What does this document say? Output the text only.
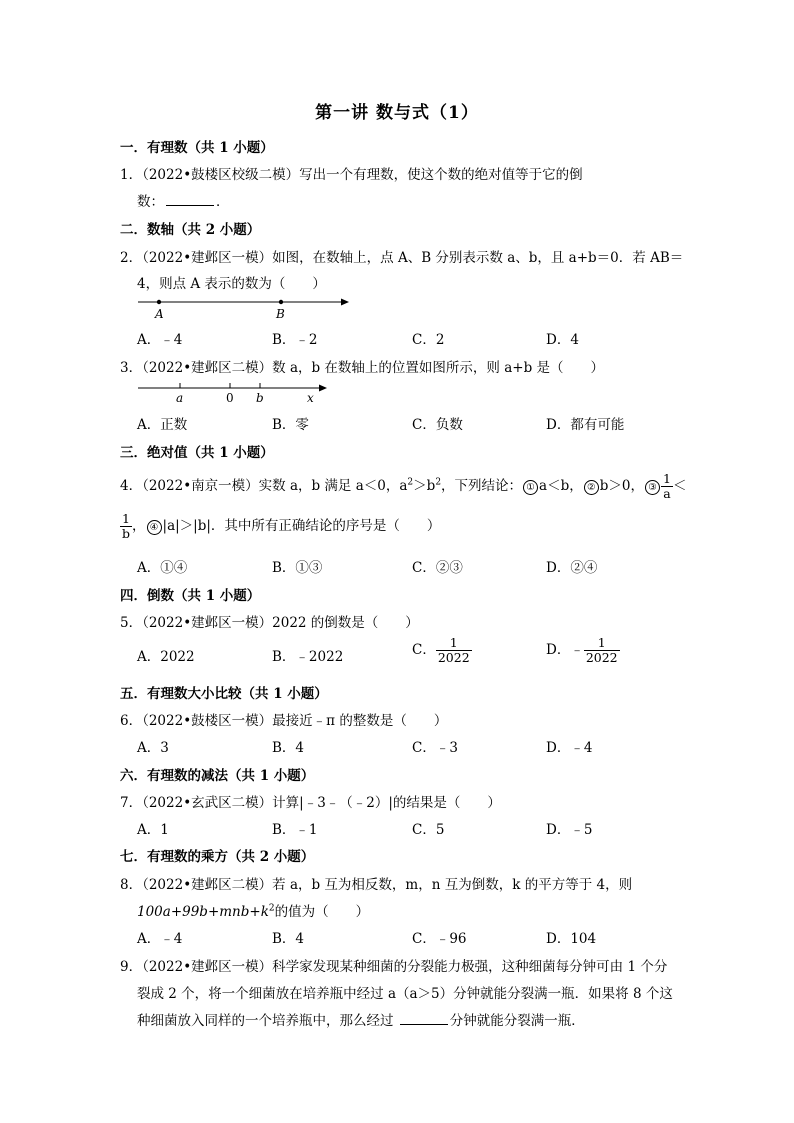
第一讲 数与式（1）
一．有理数（共 1 小题）
1．（2022•鼓楼区校级二模）写出一个有理数，使这个数的绝对值等于它的倒
数：	．
二．数轴（共 2 小题）
2．（2022•建邺区一模）如图，在数轴上，点 A、B 分别表示数 a、b，且 a+b＝0．若 AB＝
4，则点 A 表示的数为（　　）
A	B
A．﹣4	B．﹣2	C．2	D．4
3．（2022•建邺区二模）数 a，b 在数轴上的位置如图所示，则 a+b 是（　　）
a	0 b	x
A．正数	B．零	C．负数	D．都有可能
三．绝对值（共 1 小题）
4．（2022•南京一模）实数 a，b 满足 a＜0，$a^2>b^2$，下列结论： ① a＜b， ② b＞0， ③ $\frac{1}{a}$ ＜
$\frac{1}{b}$ ， ④ |a|＞|b|．其中所有正确结论的序号是（　　）
A．①④	B．①③	C．②③	D．②④
四．倒数（共 1 小题）
5．（2022•建邺区一模）2022 的倒数是（　　）
A．2022	B．﹣2022	C． $\frac{1}{2022}$	D．﹣ $\frac{1}{2022}$
五．有理数大小比较（共 1 小题）
6．（2022•鼓楼区一模）最接近﹣π 的整数是（　　）
A．3	B．4	C．﹣3	D．﹣4
六．有理数的减法（共 1 小题）
7．（2022•玄武区二模）计算|﹣3﹣（﹣2）|的结果是（　　）
A．1	B．﹣1	C．5	D．﹣5
七．有理数的乘方（共 2 小题）
8．（2022•建邺区二模）若 a，b 互为相反数，m，n 互为倒数，k 的平方等于 4，则
$100a+99b+mnb+k^2$的值为（　　）
A．﹣4	B．4	C．﹣96	D．104
9．（2022•建邺区一模）科学家发现某种细菌的分裂能力极强，这种细菌每分钟可由 1 个分
裂成 2 个，将一个细菌放在培养瓶中经过 a（a＞5）分钟就能分裂满一瓶．如果将 8 个这
种细菌放入同样的一个培养瓶中，那么经过	分钟就能分裂满一瓶．
